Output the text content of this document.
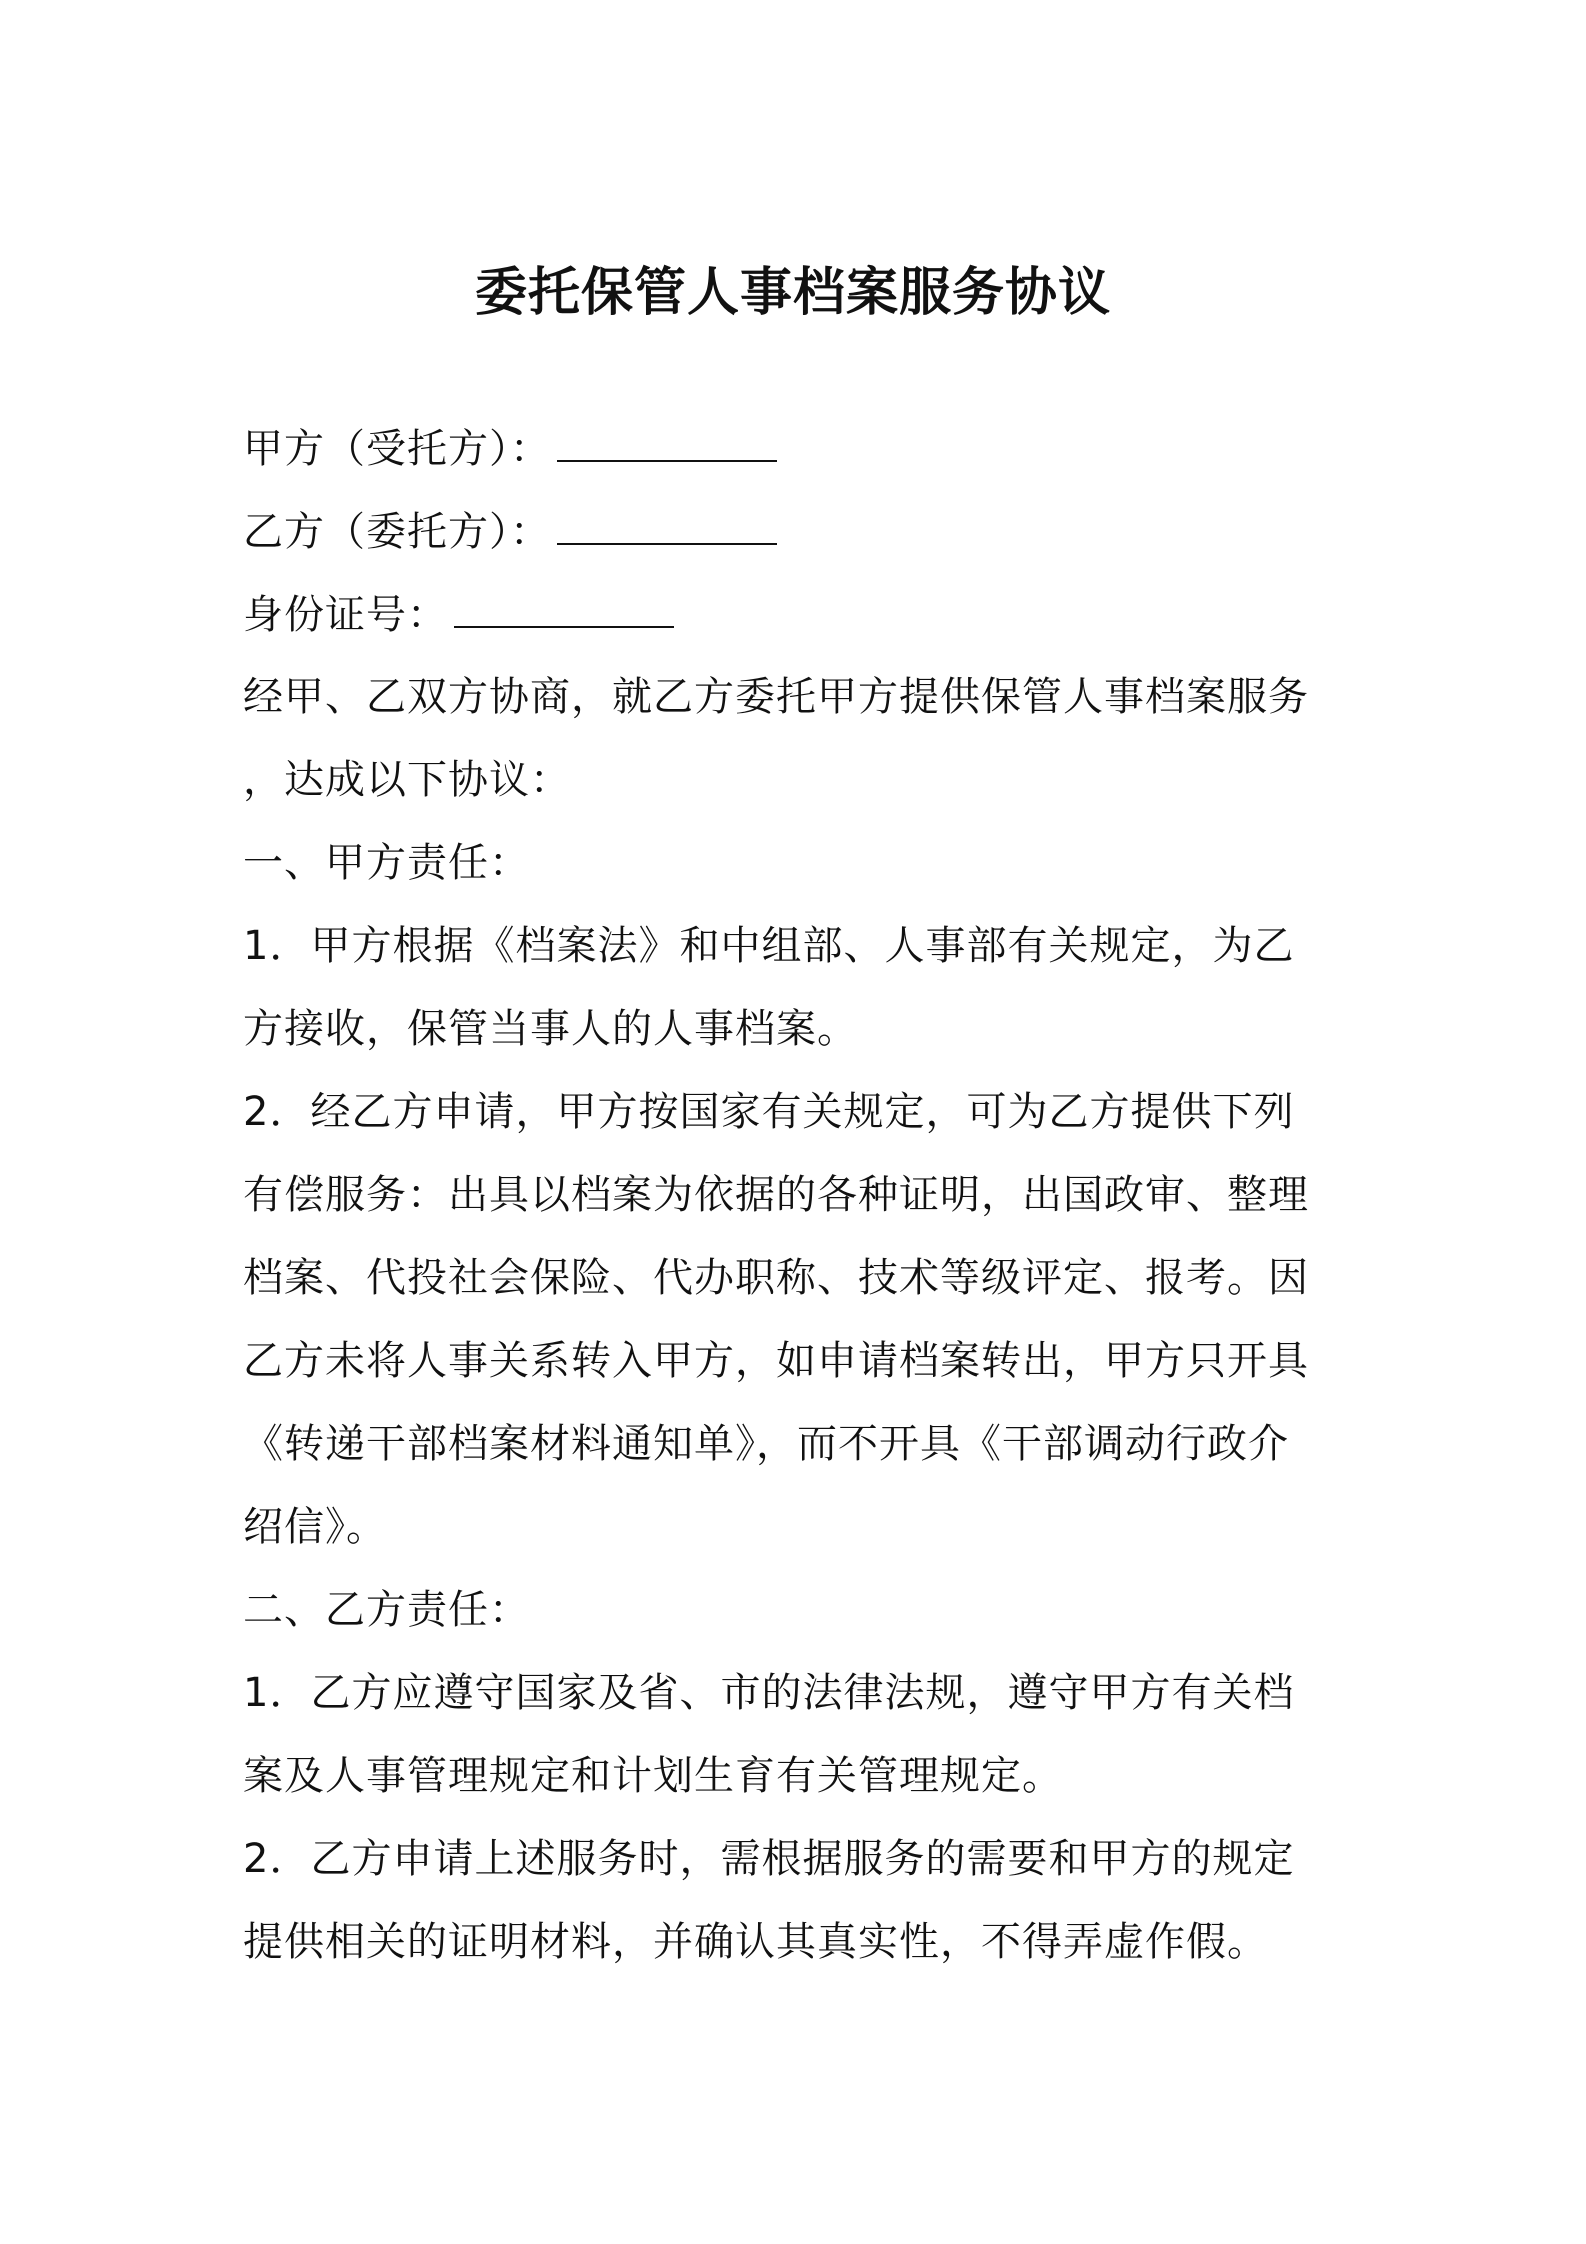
委托保管人事档案服务协议
甲方（受托方）：
乙方（委托方）：
身份证号：
经甲、乙双方协商，就乙方委托甲方提供保管人事档案服务
，达成以下协议：
一、甲方责任：
1．甲方根据《档案法》和中组部、人事部有关规定，为乙
方接收，保管当事人的人事档案。
2．经乙方申请，甲方按国家有关规定，可为乙方提供下列
有偿服务：出具以档案为依据的各种证明，出国政审、整理
档案、代投社会保险、代办职称、技术等级评定、报考。因
乙方未将人事关系转入甲方，如申请档案转出，甲方只开具
《转递干部档案材料通知单》，而不开具《干部调动行政介
绍信》。
二、乙方责任：
1．乙方应遵守国家及省、市的法律法规，遵守甲方有关档
案及人事管理规定和计划生育有关管理规定。
2．乙方申请上述服务时，需根据服务的需要和甲方的规定
提供相关的证明材料，并确认其真实性，不得弄虚作假。
